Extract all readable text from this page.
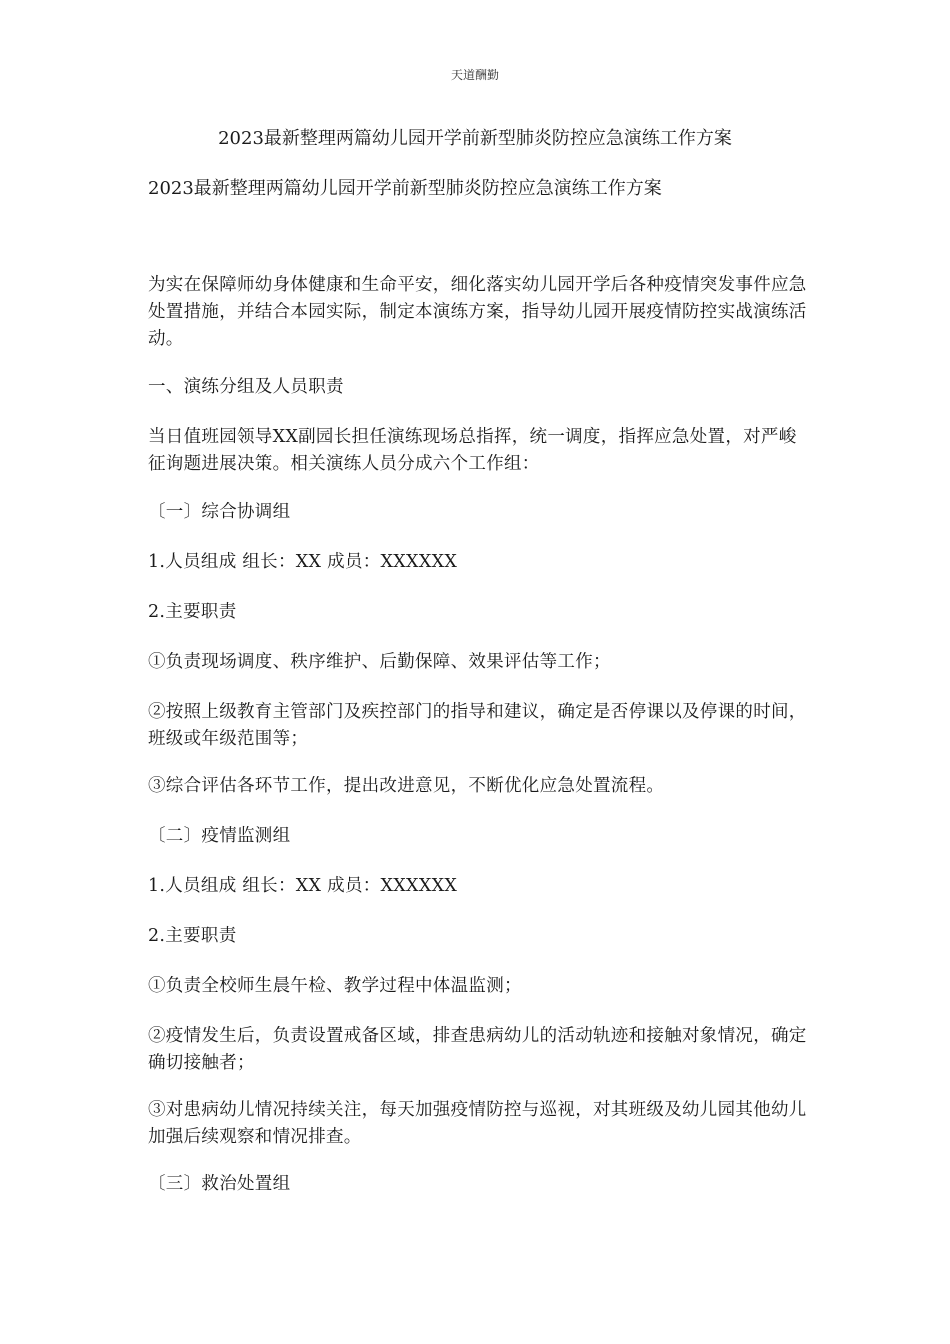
天道酬勤
2023最新整理两篇幼儿园开学前新型肺炎防控应急演练工作方案
2023最新整理两篇幼儿园开学前新型肺炎防控应急演练工作方案
为实在保障师幼身体健康和生命平安，细化落实幼儿园开学后各种疫情突发事件应急处置措施，并结合本园实际，制定本演练方案，指导幼儿园开展疫情防控实战演练活动。
一、演练分组及人员职责
当日值班园领导XX副园长担任演练现场总指挥，统一调度，指挥应急处置，对严峻征询题进展决策。相关演练人员分成六个工作组：
〔一〕综合协调组
1.人员组成 组长：XX 成员：XXXXXX
2.主要职责
①负责现场调度、秩序维护、后勤保障、效果评估等工作；
②按照上级教育主管部门及疾控部门的指导和建议，确定是否停课以及停课的时间，班级或年级范围等；
③综合评估各环节工作，提出改进意见，不断优化应急处置流程。
〔二〕疫情监测组
1.人员组成 组长：XX 成员：XXXXXX
2.主要职责
①负责全校师生晨午检、教学过程中体温监测；
②疫情发生后，负责设置戒备区域，排查患病幼儿的活动轨迹和接触对象情况，确定确切接触者；
③对患病幼儿情况持续关注，每天加强疫情防控与巡视，对其班级及幼儿园其他幼儿加强后续观察和情况排查。
〔三〕救治处置组
